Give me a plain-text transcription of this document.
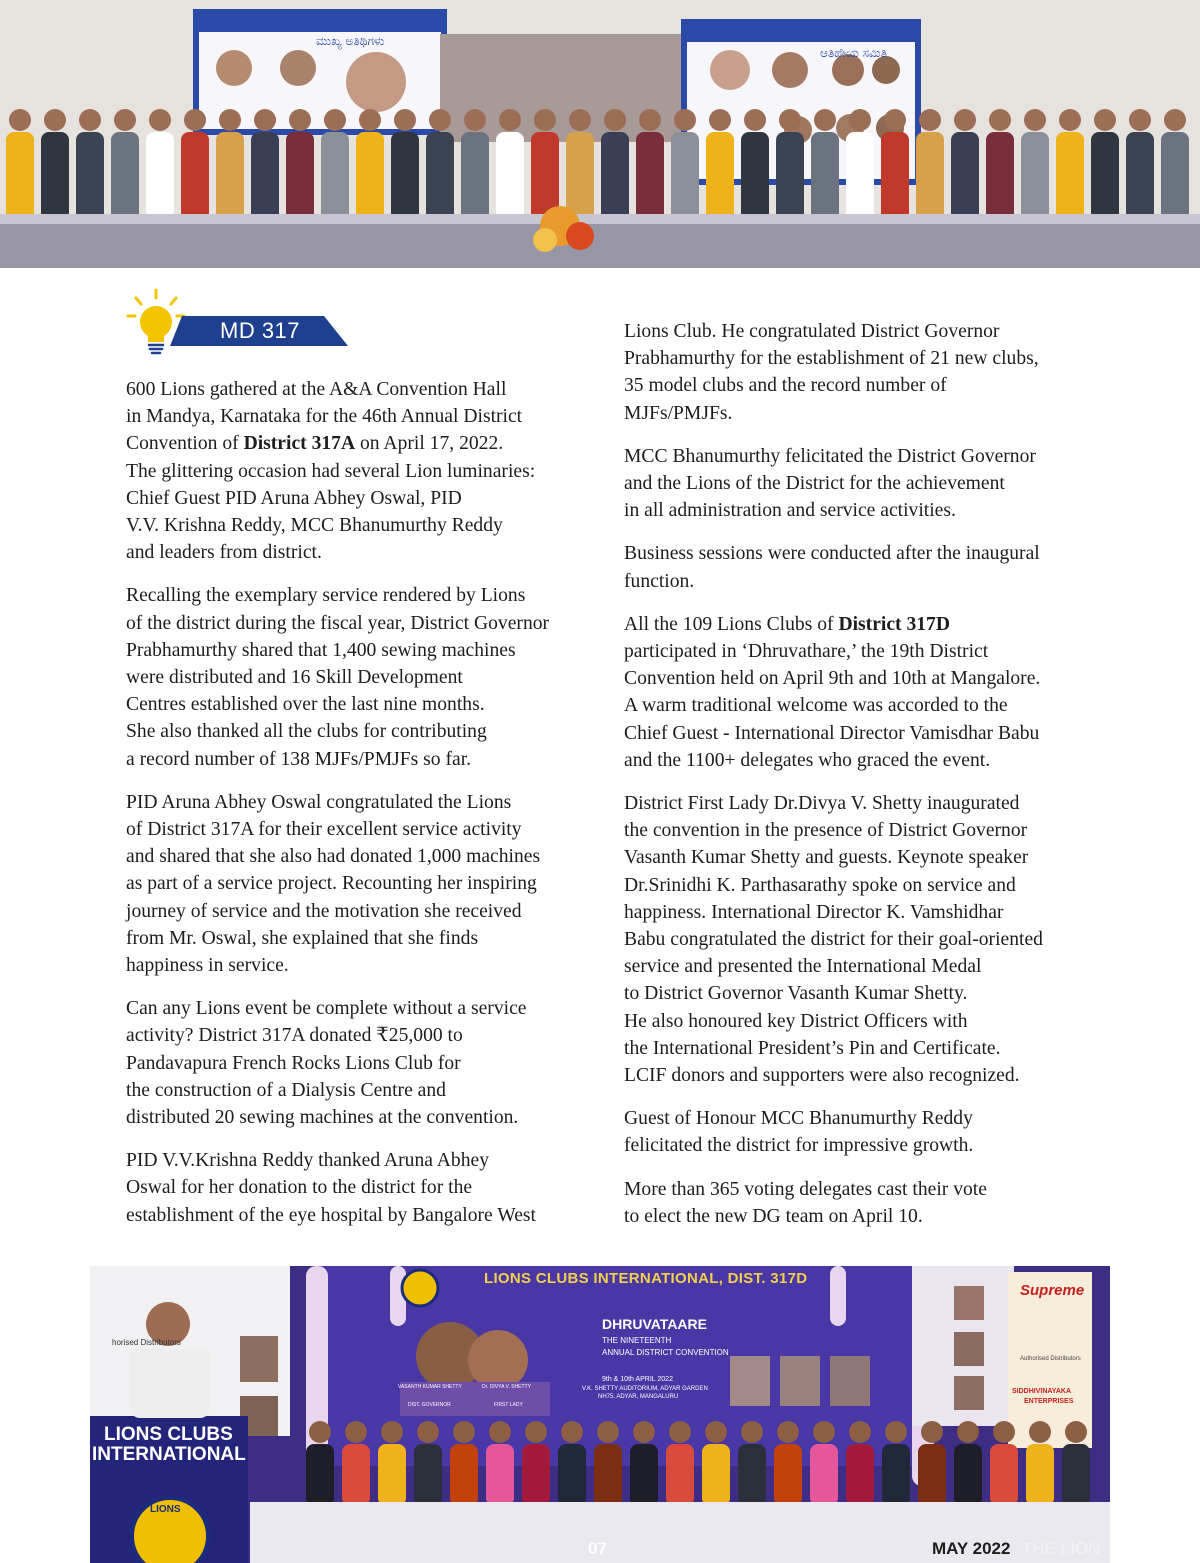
ಮುಖ್ಯ ಅತಿಥಿಗಳು
ಆತಿಥೇಯ ಸಮಿತಿ
MD 317

600 Lions gathered at the A&A Convention Hall
in Mandya, Karnataka for the 46th Annual District
Convention of District 317A on April 17, 2022.
The glittering occasion had several Lion luminaries:
Chief Guest PID Aruna Abhey Oswal, PID
V.V. Krishna Reddy, MCC Bhanumurthy Reddy
and leaders from district.

Recalling the exemplary service rendered by Lions
of the district during the fiscal year, District Governor
Prabhamurthy shared that 1,400 sewing machines
were distributed and 16 Skill Development
Centres established over the last nine months.
She also thanked all the clubs for contributing
a record number of 138 MJFs/PMJFs so far.

PID Aruna Abhey Oswal congratulated the Lions
of District 317A for their excellent service activity
and shared that she also had donated 1,000 machines
as part of a service project. Recounting her inspiring
journey of service and the motivation she received
from Mr. Oswal, she explained that she finds
happiness in service.

Can any Lions event be complete without a service
activity? District 317A donated ₹25,000 to
Pandavapura French Rocks Lions Club for
the construction of a Dialysis Centre and
distributed 20 sewing machines at the convention.

PID V.V.Krishna Reddy thanked Aruna Abhey
Oswal for her donation to the district for the
establishment of the eye hospital by Bangalore West

Lions Club. He congratulated District Governor
Prabhamurthy for the establishment of 21 new clubs,
35 model clubs and the record number of
MJFs/PMJFs.

MCC Bhanumurthy felicitated the District Governor
and the Lions of the District for the achievement
in all administration and service activities.

Business sessions were conducted after the inaugural
function.

All the 109 Lions Clubs of District 317D
participated in ‘Dhruvathare,’ the 19th District
Convention held on April 9th and 10th at Mangalore.
A warm traditional welcome was accorded to the
Chief Guest - International Director Vamisdhar Babu
and the 1100+ delegates who graced the event.

District First Lady Dr.Divya V. Shetty inaugurated
the convention in the presence of District Governor
Vasanth Kumar Shetty and guests. Keynote speaker
Dr.Srinidhi K. Parthasarathy spoke on service and
happiness. International Director K. Vamshidhar
Babu congratulated the district for their goal-oriented
service and presented the International Medal
to District Governor Vasanth Kumar Shetty.
He also honoured key District Officers with
the International President’s Pin and Certificate.
LCIF donors and supporters were also recognized.

Guest of Honour MCC Bhanumurthy Reddy
felicitated the district for impressive growth.

More than 365 voting delegates cast their vote
to elect the new DG team on April 10.

LIONS CLUBS INTERNATIONAL, DIST. 317D
DHRUVATAARE
THE NINETEENTH
ANNUAL DISTRICT CONVENTION
9th & 10th APRIL 2022
V.K. SHETTY AUDITORIUM, ADYAR GARDEN
NH75, ADYAR, MANGALURU
VASANTH KUMAR SHETTY
DIST. GOVERNOR
Dr. DIVYA V. SHETTY
FIRST LADY
horised Distributors
LIONS CLUBS
INTERNATIONAL
LIONS
Supreme
Authorised Distributors
SIDDHIVINAYAKA
ENTERPRISES
07	MAY 2022 THE LION
